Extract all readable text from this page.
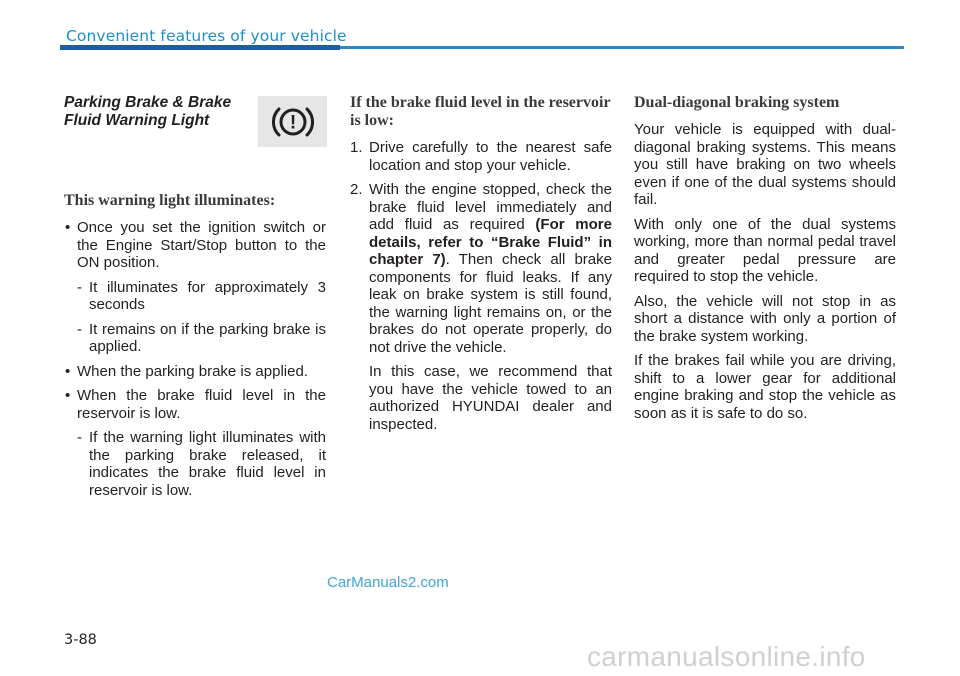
Convenient features of your vehicle
Parking Brake & Brake Fluid Warning Light	!
This warning light illuminates:
• Once you set the ignition switch or the Engine Start/Stop button to the ON position.
- It illuminates for approximately 3 seconds
- It remains on if the parking brake is applied.
• When the parking brake is applied.
• When the brake fluid level in the reservoir is low.
- If the warning light illuminates with the parking brake released, it indicates the brake fluid level in reservoir is low.
If the brake fluid level in the reservoir is low:
1. Drive carefully to the nearest safe location and stop your vehicle.
2. With the engine stopped, check the brake fluid level immediately and add fluid as required (For more details, refer to “Brake Fluid” in chapter 7). Then check all brake components for fluid leaks. If any leak on brake system is still found, the warning light remains on, or the brakes do not operate properly, do not drive the vehicle.
In this case, we recommend that you have the vehicle towed to an authorized HYUNDAI dealer and inspected.
Dual-diagonal braking system

Your vehicle is equipped with dual-diagonal braking systems. This means you still have braking on two wheels even if one of the dual systems should fail.

With only one of the dual systems working, more than normal pedal travel and greater pedal pressure are required to stop the vehicle.

Also, the vehicle will not stop in as short a distance with only a portion of the brake system working.

If the brakes fail while you are driving, shift to a lower gear for additional engine braking and stop the vehicle as soon as it is safe to do so.

CarManuals2.com
3-88
carmanualsonline.info
